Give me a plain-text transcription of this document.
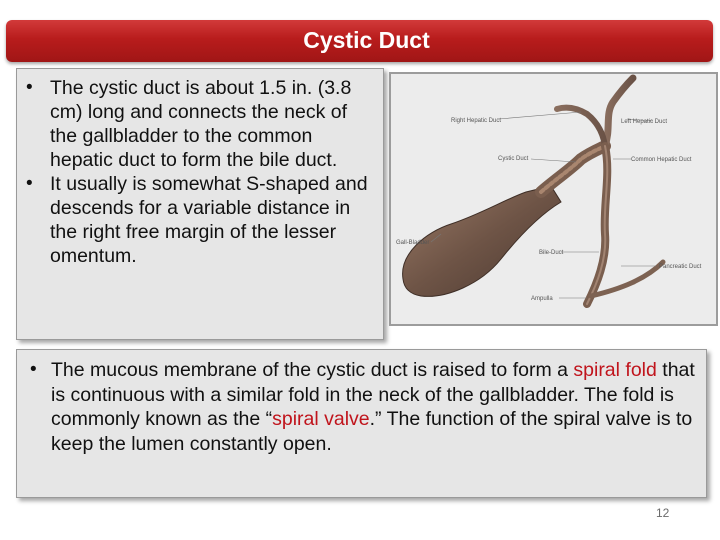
Cystic Duct
• The cystic duct is about 1.5 in. (3.8 cm) long and connects the neck of the gallbladder to the common hepatic duct to form the bile duct.
• It usually is somewhat S-shaped and descends for a variable distance in the right free margin of the lesser omentum.
Right Hepatic Duct	Left Hepatic Duct
Cystic Duct	Common Hepatic Duct
Gall-Bladder
Bile-Duct
Pancreatic Duct
Ampulla
• The mucous membrane of the cystic duct is raised to form a spiral fold that is continuous with a similar fold in the neck of the gallbladder. The fold is commonly known as the “spiral valve.” The function of the spiral valve is to keep the lumen constantly open.
12
